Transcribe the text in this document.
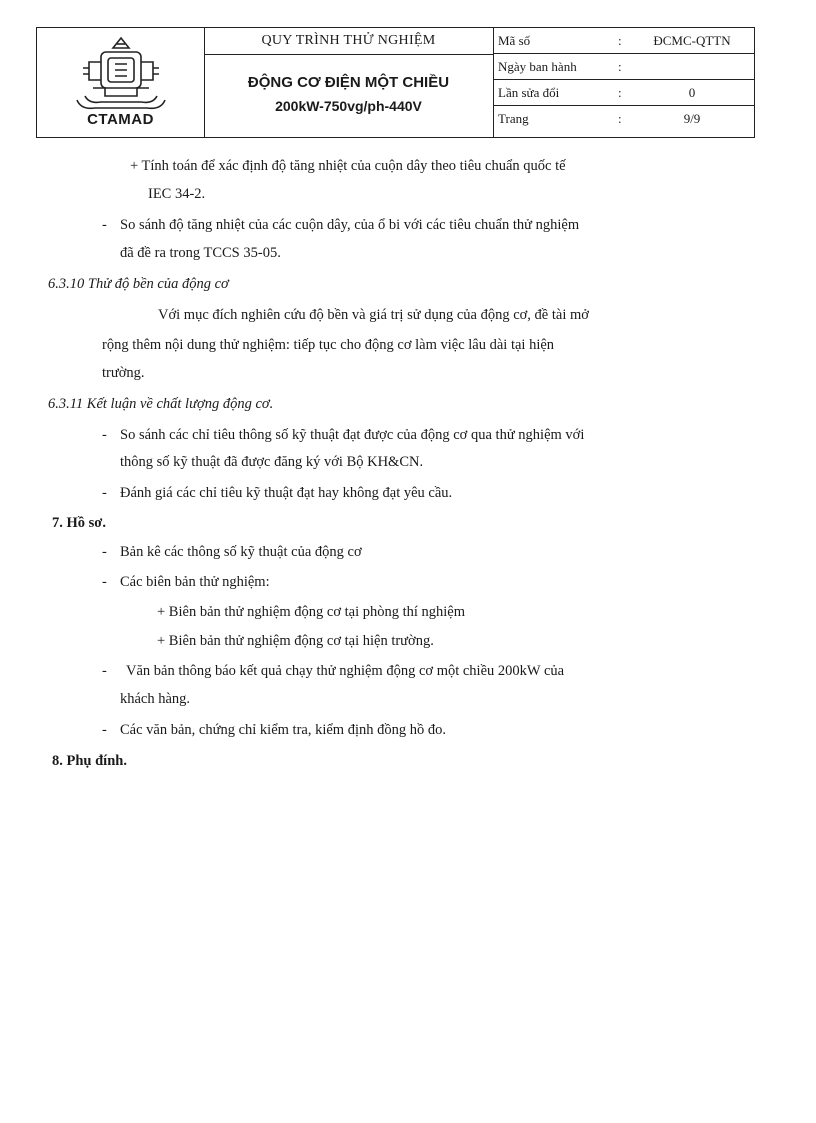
CTAMAD
QUY TRÌNH THỬ NGHIỆM
ĐỘNG CƠ ĐIỆN MỘT CHIỀU
200kW-750vg/ph-440V
Mã số	:	ĐCMC-QTTN
Ngày ban hành	:
Lần sửa đổi	:	0
Trang	:	9/9
+ Tính toán để xác định độ tăng nhiệt của cuộn dây theo tiêu chuẩn quốc tế
IEC 34-2.
- So sánh độ tăng nhiệt của các cuộn dây, của ổ bi với các tiêu chuẩn thử nghiệm
đã đề ra trong TCCS 35-05.
6.3.10 Thử độ bền của động cơ
Với mục đích nghiên cứu độ bền và giá trị sử dụng của động cơ, đề tài mở
rộng thêm nội dung thử nghiệm: tiếp tục cho động cơ làm việc lâu dài tại hiện
trường.
6.3.11 Kết luận về chất lượng động cơ.
- So sánh các chỉ tiêu thông số kỹ thuật đạt được của động cơ qua thử nghiệm với
thông số kỹ thuật đã được đăng ký với Bộ KH&CN.
- Đánh giá các chỉ tiêu kỹ thuật đạt hay không đạt yêu cầu.
7. Hồ sơ.
- Bản kê các thông số kỹ thuật của động cơ
- Các biên bản thử nghiệm:
+ Biên bản thử nghiệm động cơ tại phòng thí nghiệm
+ Biên bản thử nghiệm động cơ tại hiện trường.
- Văn bản thông báo kết quả chạy thử nghiệm động cơ một chiều 200kW của
khách hàng.
- Các văn bản, chứng chỉ kiểm tra, kiểm định đồng hồ đo.
8. Phụ đính.
